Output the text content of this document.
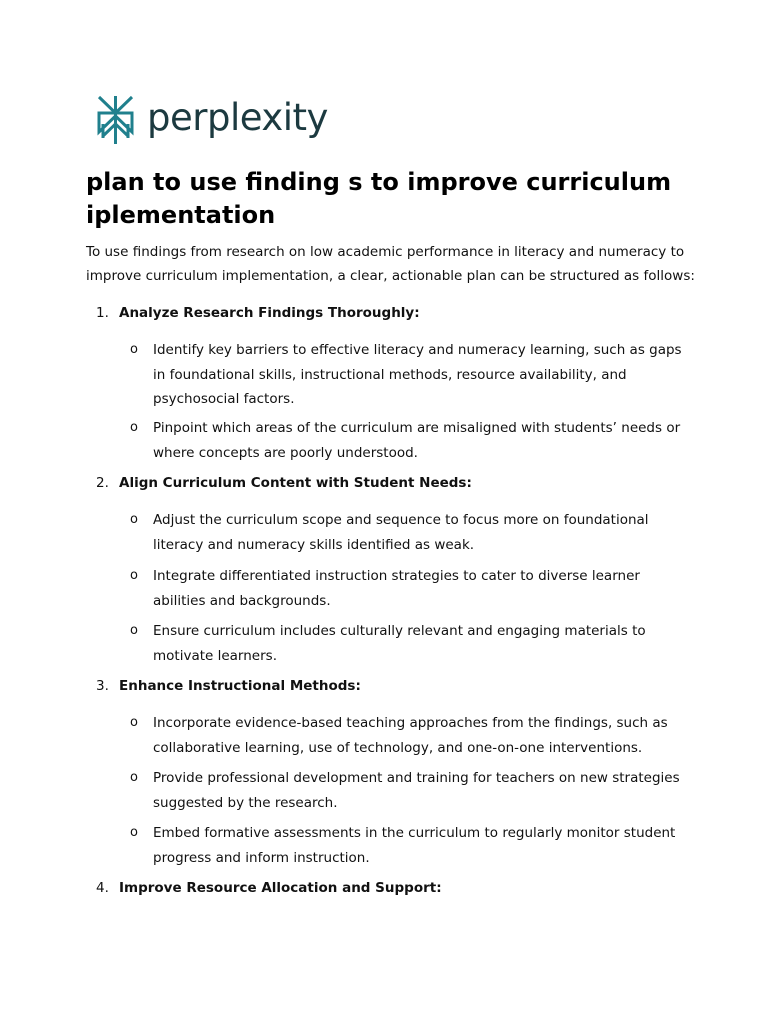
perplexity
plan to use finding s to improve curriculum iplementation

To use findings from research on low academic performance in literacy and numeracy to improve curriculum implementation, a clear, actionable plan can be structured as follows:

1. Analyze Research Findings Thoroughly:
o Identify key barriers to effective literacy and numeracy learning, such as gaps in foundational skills, instructional methods, resource availability, and psychosocial factors.
o Pinpoint which areas of the curriculum are misaligned with students’ needs or where concepts are poorly understood.
2. Align Curriculum Content with Student Needs:
o Adjust the curriculum scope and sequence to focus more on foundational literacy and numeracy skills identified as weak.
o Integrate differentiated instruction strategies to cater to diverse learner abilities and backgrounds.
o Ensure curriculum includes culturally relevant and engaging materials to motivate learners.
3. Enhance Instructional Methods:
o Incorporate evidence-based teaching approaches from the findings, such as collaborative learning, use of technology, and one-on-one interventions.
o Provide professional development and training for teachers on new strategies suggested by the research.
o Embed formative assessments in the curriculum to regularly monitor student progress and inform instruction.
4. Improve Resource Allocation and Support:
